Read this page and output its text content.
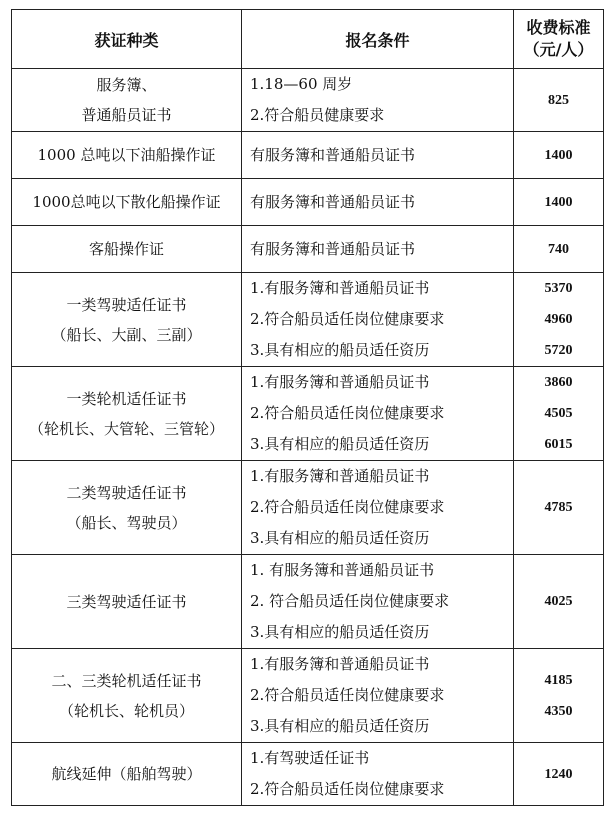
获证种类	报名条件	收费标准
（元/人）

服务簿、
普通船员证书	1.18—60 周岁
2.符合船员健康要求	825

1000 总吨以下油船操作证	有服务簿和普通船员证书	1400

1000总吨以下散化船操作证	有服务簿和普通船员证书	1400

客船操作证	有服务簿和普通船员证书	740

一类驾驶适任证书
（船长、大副、三副）	1.有服务簿和普通船员证书
2.符合船员适任岗位健康要求
3.具有相应的船员适任资历	5370
4960
5720

一类轮机适任证书
（轮机长、大管轮、三管轮）	1.有服务簿和普通船员证书
2.符合船员适任岗位健康要求
3.具有相应的船员适任资历	3860
4505
6015

二类驾驶适任证书
（船长、驾驶员）	1.有服务簿和普通船员证书
2.符合船员适任岗位健康要求
3.具有相应的船员适任资历	4785

三类驾驶适任证书	1. 有服务簿和普通船员证书
2. 符合船员适任岗位健康要求
3.具有相应的船员适任资历	4025

二、三类轮机适任证书
（轮机长、轮机员）	1.有服务簿和普通船员证书
2.符合船员适任岗位健康要求
3.具有相应的船员适任资历	4185
4350

航线延伸（船舶驾驶）	1.有驾驶适任证书
2.符合船员适任岗位健康要求	1240
